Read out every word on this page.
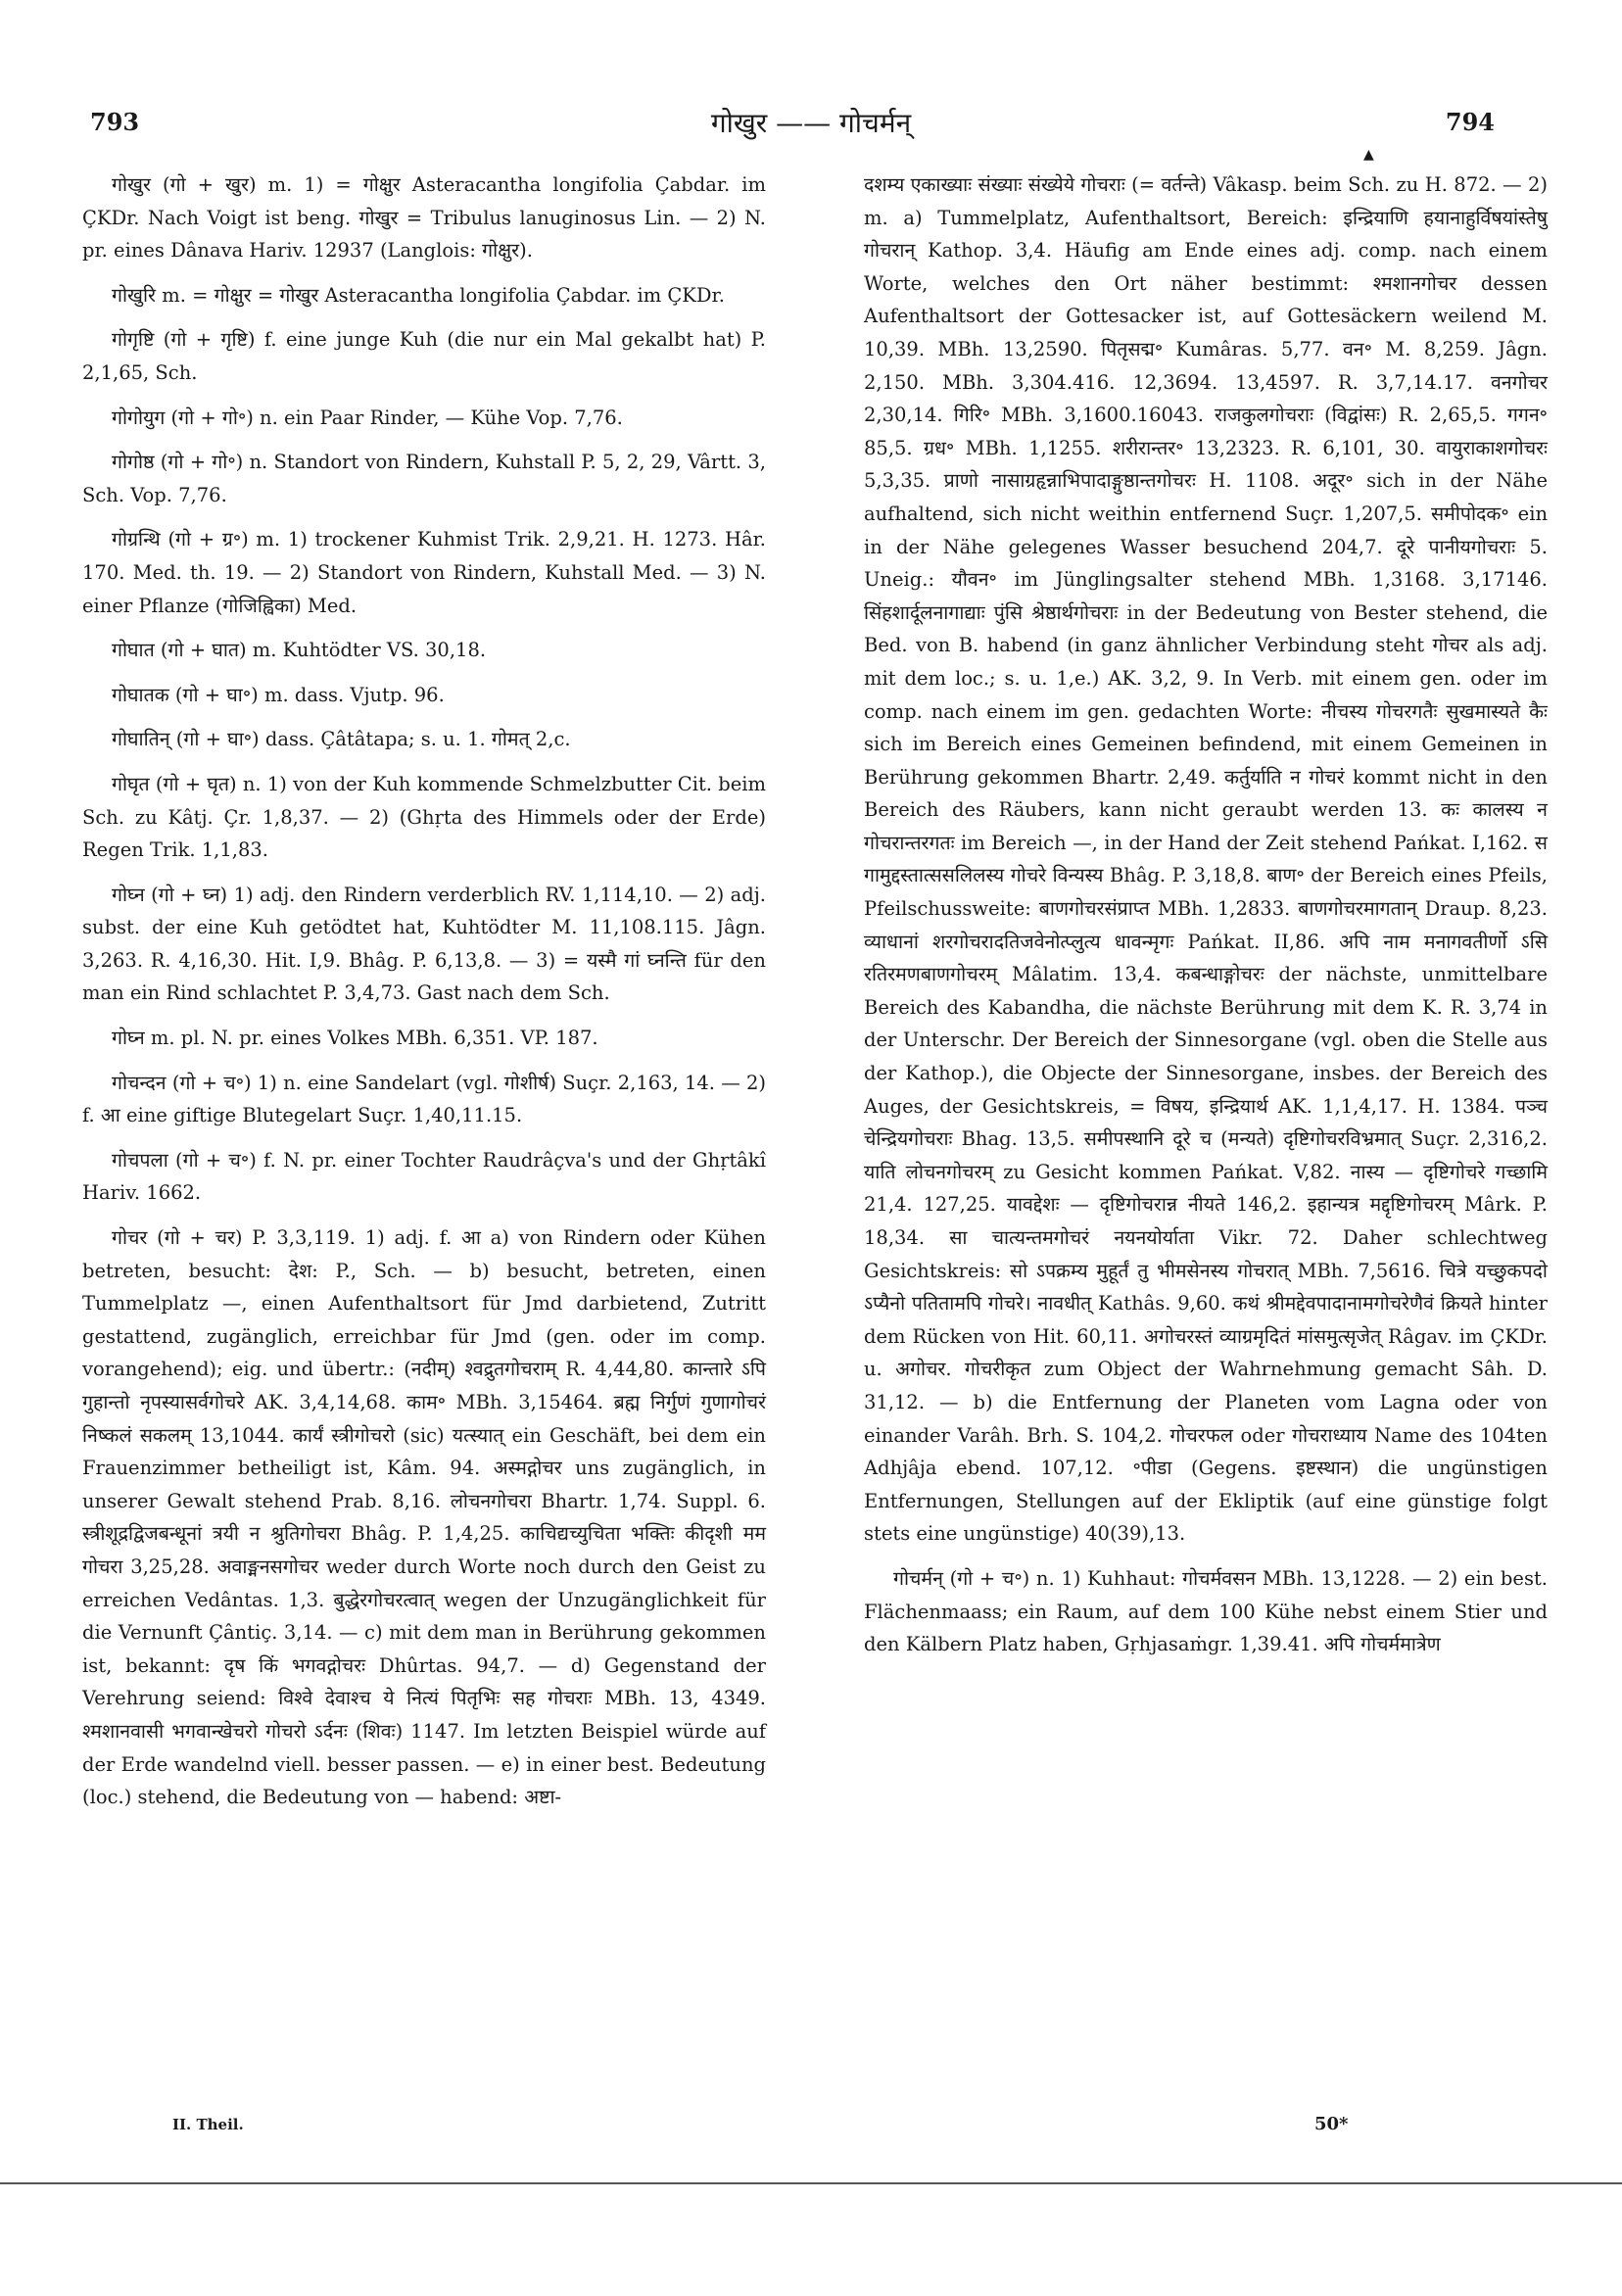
793	गोखुर —— गोचर्मन्	794
▲

गोखुर (गो + खुर) m. 1) = गोक्षुर Asteracantha longifolia Çabdar. im ÇKDr. Nach Voigt ist beng. गोखुर = Tribulus lanuginosus Lin. — 2) N. pr. eines Dânava Hariv. 12937 (Langlois: गोक्षुर).

गोखुरि m. = गोक्षुर = गोखुर Asteracantha longifolia Çabdar. im ÇKDr.

गोगृष्टि (गो + गृष्टि) f. eine junge Kuh (die nur ein Mal gekalbt hat) P. 2,1,65, Sch.

गोगोयुग (गो + गो॰) n. ein Paar Rinder, — Kühe Vop. 7,76.

गोगोष्ठ (गो + गो॰) n. Standort von Rindern, Kuhstall P. 5, 2, 29, Vârtt. 3, Sch. Vop. 7,76.

गोग्रन्थि (गो + ग्र॰) m. 1) trockener Kuhmist Trik. 2,9,21. H. 1273. Hâr. 170. Med. th. 19. — 2) Standort von Rindern, Kuhstall Med. — 3) N. einer Pflanze (गोजिह्विका) Med.

गोघात (गो + घात) m. Kuhtödter VS. 30,18.

गोघातक (गो + घा॰) m. dass. Vjutp. 96.

गोघातिन् (गो + घा॰) dass. Çâtâtapa; s. u. 1. गोमत् 2,c.

गोघृत (गो + घृत) n. 1) von der Kuh kommende Schmelzbutter Cit. beim Sch. zu Kâtj. Çr. 1,8,37. — 2) (Ghṛta des Himmels oder der Erde) Regen Trik. 1,1,83.

गोघ्न (गो + घ्न) 1) adj. den Rindern verderblich RV. 1,114,10. — 2) adj. subst. der eine Kuh getödtet hat, Kuhtödter M. 11,108.115. Jâgn. 3,263. R. 4,16,30. Hit. I,9. Bhâg. P. 6,13,8. — 3) = यस्मै गां घ्नन्ति für den man ein Rind schlachtet P. 3,4,73. Gast nach dem Sch.

गोघ्न m. pl. N. pr. eines Volkes MBh. 6,351. VP. 187.

गोचन्दन (गो + च॰) 1) n. eine Sandelart (vgl. गोशीर्ष) Suçr. 2,163, 14. — 2) f. आ eine giftige Blutegelart Suçr. 1,40,11.15.

गोचपला (गो + च॰) f. N. pr. einer Tochter Raudrâçva's und der Ghṛtâkî Hariv. 1662.

गोचर (गो + चर) P. 3,3,119. 1) adj. f. आ a) von Rindern oder Kühen betreten, besucht: देश: P., Sch. — b) besucht, betreten, einen Tummelplatz —, einen Aufenthaltsort für Jmd darbietend, Zutritt gestattend, zugänglich, erreichbar für Jmd (gen. oder im comp. vorangehend); eig. und übertr.: (नदीम्) श्वद्रुतगोचराम् R. 4,44,80. कान्तारे ऽपि गुहान्तो नृपस्यासर्वगोचरे AK. 3,4,14,68. काम॰ MBh. 3,15464. ब्रह्म निर्गुणं गुणागोचरं निष्कलं सकलम् 13,1044. कार्यं स्त्रीगोचरो (sic) यत्स्यात् ein Geschäft, bei dem ein Frauenzimmer betheiligt ist, Kâm. 94. अस्मद्गोचर uns zugänglich, in unserer Gewalt stehend Prab. 8,16. लोचनगोचरा Bhartr. 1,74. Suppl. 6. स्त्रीशूद्रद्विजबन्धूनां त्रयी न श्रुतिगोचरा Bhâg. P. 1,4,25. काचिद्यच्युचिता भक्तिः कीदृशी मम गोचरा 3,25,28. अवाङ्मनसगोचर weder durch Worte noch durch den Geist zu erreichen Vedântas. 1,3. बुद्धेरगोचरत्वात् wegen der Unzugänglichkeit für die Vernunft Çântiç. 3,14. — c) mit dem man in Berührung gekommen ist, bekannt: दृष किं भगवद्गोचरः Dhûrtas. 94,7. — d) Gegenstand der Verehrung seiend: विश्वे देवाश्च ये नित्यं पितृभिः सह गोचराः MBh. 13, 4349. श्मशानवासी भगवान्खेचरो गोचरो ऽर्दनः (शिवः) 1147. Im letzten Beispiel würde auf der Erde wandelnd viell. besser passen. — e) in einer best. Bedeutung (loc.) stehend, die Bedeutung von — habend: अष्टा-

दशम्य एकाख्याः संख्याः संख्येये गोचराः (= वर्तन्ते) Vâkasp. beim Sch. zu H. 872. — 2) m. a) Tummelplatz, Aufenthaltsort, Bereich: इन्द्रियाणि हयानाहुर्विषयांस्तेषु गोचरान् Kathop. 3,4. Häufig am Ende eines adj. comp. nach einem Worte, welches den Ort näher bestimmt: श्मशानगोचर dessen Aufenthaltsort der Gottesacker ist, auf Gottesäckern weilend M. 10,39. MBh. 13,2590. पितृसद्म॰ Kumâras. 5,77. वन॰ M. 8,259. Jâgn. 2,150. MBh. 3,304.416. 12,3694. 13,4597. R. 3,7,14.17. वनगोचर 2,30,14. गिरि॰ MBh. 3,1600.16043. राजकुलगोचराः (विद्वांसः) R. 2,65,5. गगन॰ 85,5. ग्रध॰ MBh. 1,1255. शरीरान्तर॰ 13,2323. R. 6,101, 30. वायुराकाशगोचरः 5,3,35. प्राणो नासाग्रहृन्नाभिपादाङ्गुष्ठान्तगोचरः H. 1108. अदूर॰ sich in der Nähe aufhaltend, sich nicht weithin entfernend Suçr. 1,207,5. समीपोदक॰ ein in der Nähe gelegenes Wasser besuchend 204,7. दूरे पानीयगोचराः 5. Uneig.: यौवन॰ im Jünglingsalter stehend MBh. 1,3168. 3,17146. सिंहशार्दूलनागाद्याः पुंसि श्रेष्ठार्थगोचराः in der Bedeutung von Bester stehend, die Bed. von B. habend (in ganz ähnlicher Verbindung steht गोचर als adj. mit dem loc.; s. u. 1,e.) AK. 3,2, 9. In Verb. mit einem gen. oder im comp. nach einem im gen. gedachten Worte: नीचस्य गोचरगतैः सुखमास्यते कैः sich im Bereich eines Gemeinen befindend, mit einem Gemeinen in Berührung gekommen Bhartr. 2,49. कर्तुर्याति न गोचरं kommt nicht in den Bereich des Räubers, kann nicht geraubt werden 13. कः कालस्य न गोचरान्तरगतः im Bereich —, in der Hand der Zeit stehend Pańkat. I,162. स गामुद्दस्तात्ससलिलस्य गोचरे विन्यस्य Bhâg. P. 3,18,8. बाण॰ der Bereich eines Pfeils, Pfeilschussweite: बाणगोचरसंप्राप्त MBh. 1,2833. बाणगोचरमागतान् Draup. 8,23. व्याधानां शरगोचरादतिजवेनोत्प्लुत्य धावन्मृगः Pańkat. II,86. अपि नाम मनागवतीर्णो ऽसि रतिरमणबाणगोचरम् Mâlatim. 13,4. कबन्धाङ्गोचरः der nächste, unmittelbare Bereich des Kabandha, die nächste Berührung mit dem K. R. 3,74 in der Unterschr. Der Bereich der Sinnesorgane (vgl. oben die Stelle aus der Kathop.), die Objecte der Sinnesorgane, insbes. der Bereich des Auges, der Gesichtskreis, = विषय, इन्द्रियार्थ AK. 1,1,4,17. H. 1384. पञ्च चेन्द्रियगोचराः Bhag. 13,5. समीपस्थानि दूरे च (मन्यते) दृष्टिगोचरविभ्रमात् Suçr. 2,316,2. याति लोचनगोचरम् zu Gesicht kommen Pańkat. V,82. नास्य — दृष्टिगोचरे गच्छामि 21,4. 127,25. यावद्देशः — दृष्टिगोचरान्न नीयते 146,2. इहान्यत्र मद्दृष्टिगोचरम् Mârk. P. 18,34. सा चात्यन्तमगोचरं नयनयोर्याता Vikr. 72. Daher schlechtweg Gesichtskreis: सो ऽपक्रम्य मुहूर्तं तु भीमसेनस्य गोचरात् MBh. 7,5616. चित्रे यच्छुकपदो ऽप्यैनो पतितामपि गोचरे। नावधीत् Kathâs. 9,60. कथं श्रीमद्देवपादानामगोचरेणैवं क्रियते hinter dem Rücken von Hit. 60,11. अगोचरस्तं व्याग्रमृदितं मांसमुत्सृजेत् Râgav. im ÇKDr. u. अगोचर. गोचरीकृत zum Object der Wahrnehmung gemacht Sâh. D. 31,12. — b) die Entfernung der Planeten vom Lagna oder von einander Varâh. Brh. S. 104,2. गोचरफल oder गोचराध्याय Name des 104ten Adhjâja ebend. 107,12. ॰पीडा (Gegens. इष्टस्थान) die ungünstigen Entfernungen, Stellungen auf der Ekliptik (auf eine günstige folgt stets eine ungünstige) 40(39),13.

गोचर्मन् (गो + च॰) n. 1) Kuhhaut: गोचर्मवसन MBh. 13,1228. — 2) ein best. Flächenmaass; ein Raum, auf dem 100 Kühe nebst einem Stier und den Kälbern Platz haben, Gṛhjasaṁgr. 1,39.41. अपि गोचर्ममात्रेण

II. Theil.	50*
